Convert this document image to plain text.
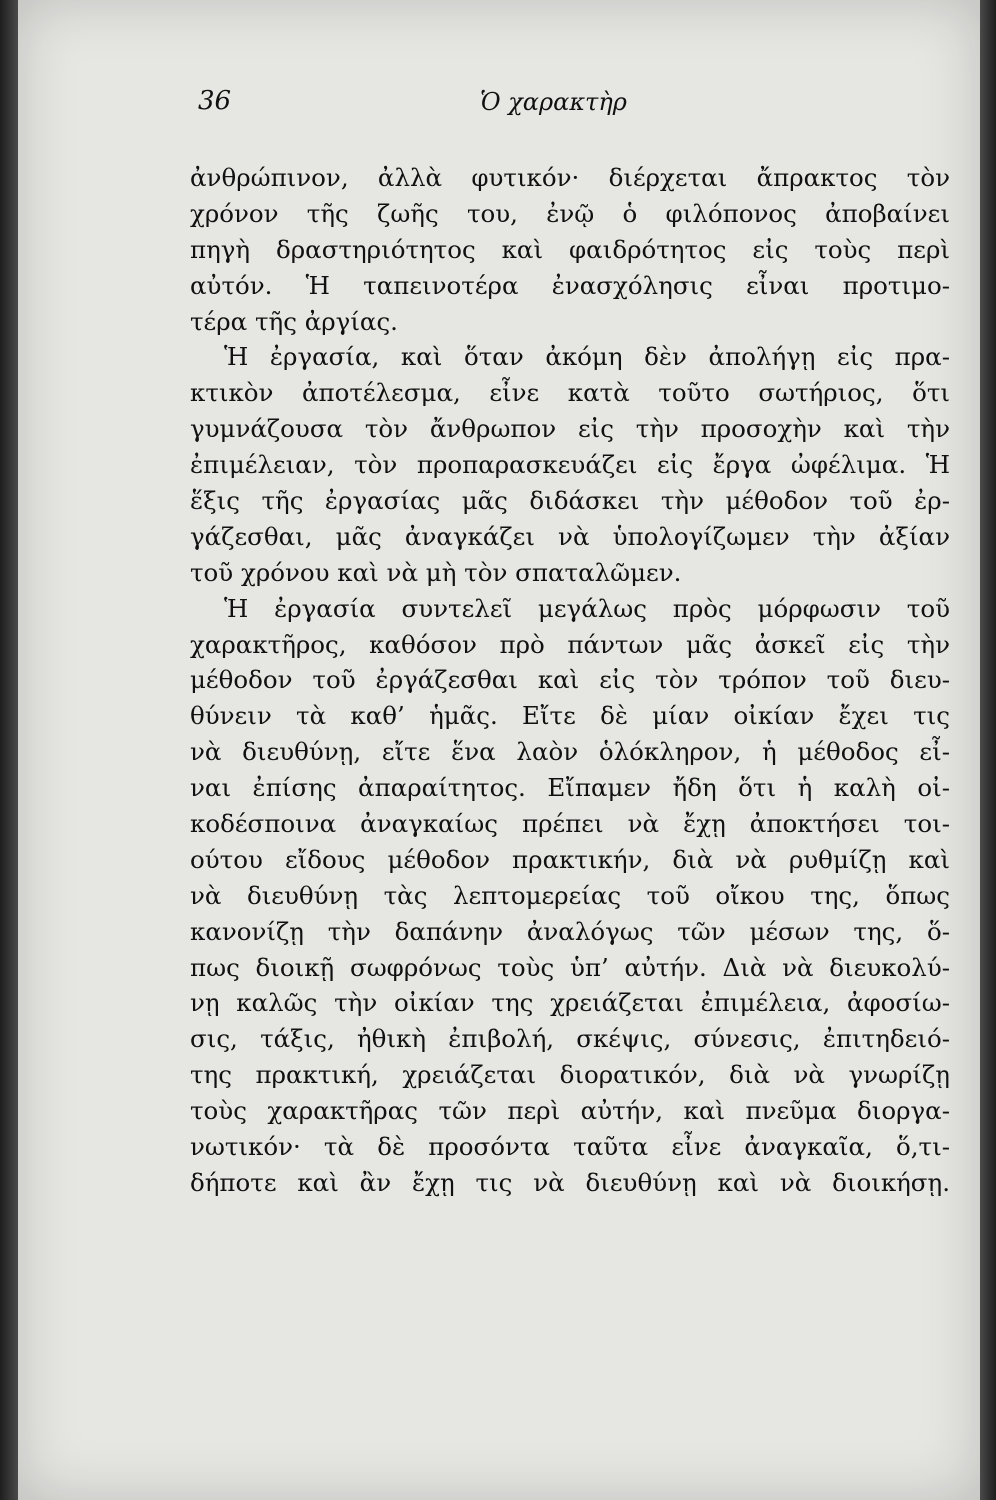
36	Ὁ χαρακτὴρ
ἀνθρώπινον, ἀλλὰ φυτικόν· διέρχεται ἄπρακτος τὸν
χρόνον τῆς ζωῆς του, ἐνῷ ὁ φιλόπονος ἀποβαίνει
πηγὴ δραστηριότητος καὶ φαιδρότητος εἰς τοὺς περὶ
αὐτόν. Ἡ ταπεινοτέρα ἐνασχόλησις εἶναι προτιμο-
τέρα τῆς ἀργίας.
Ἡ ἐργασία, καὶ ὅταν ἀκόμη δὲν ἀπολήγῃ εἰς πρα-
κτικὸν ἀποτέλεσμα, εἶνε κατὰ τοῦτο σωτήριος, ὅτι
γυμνάζουσα τὸν ἄνθρωπον εἰς τὴν προσοχὴν καὶ τὴν
ἐπιμέλειαν, τὸν προπαρασκευάζει εἰς ἔργα ὠφέλιμα. Ἡ
ἕξις τῆς ἐργασίας μᾶς διδάσκει τὴν μέθοδον τοῦ ἐρ-
γάζεσθαι, μᾶς ἀναγκάζει νὰ ὑπολογίζωμεν τὴν ἀξίαν
τοῦ χρόνου καὶ νὰ μὴ τὸν σπαταλῶμεν.
Ἡ ἐργασία συντελεῖ μεγάλως πρὸς μόρφωσιν τοῦ
χαρακτῆρος, καθόσον πρὸ πάντων μᾶς ἀσκεῖ εἰς τὴν
μέθοδον τοῦ ἐργάζεσθαι καὶ εἰς τὸν τρόπον τοῦ διευ-
θύνειν τὰ καθ’ ἡμᾶς. Εἴτε δὲ μίαν οἰκίαν ἔχει τις
νὰ διευθύνῃ, εἴτε ἕνα λαὸν ὁλόκληρον, ἡ μέθοδος εἶ-
ναι ἐπίσης ἀπαραίτητος. Εἴπαμεν ἤδη ὅτι ἡ καλὴ οἰ-
κοδέσποινα ἀναγκαίως πρέπει νὰ ἔχῃ ἀποκτήσει τοι-
ούτου εἴδους μέθοδον πρακτικήν, διὰ νὰ ρυθμίζῃ καὶ
νὰ διευθύνῃ τὰς λεπτομερείας τοῦ οἴκου της, ὅπως
κανονίζῃ τὴν δαπάνην ἀναλόγως τῶν μέσων της, ὅ-
πως διοικῇ σωφρόνως τοὺς ὑπ’ αὐτήν. Διὰ νὰ διευκολύ-
νῃ καλῶς τὴν οἰκίαν της χρειάζεται ἐπιμέλεια, ἀφοσίω-
σις, τάξις, ἠθικὴ ἐπιβολή, σκέψις, σύνεσις, ἐπιτηδειό-
της πρακτική, χρειάζεται διορατικόν, διὰ νὰ γνωρίζῃ
τοὺς χαρακτῆρας τῶν περὶ αὐτήν, καὶ πνεῦμα διοργα-
νωτικόν· τὰ δὲ προσόντα ταῦτα εἶνε ἀναγκαῖα, ὅ,τι-
δήποτε καὶ ἂν ἔχῃ τις νὰ διευθύνῃ καὶ νὰ διοικήσῃ.
